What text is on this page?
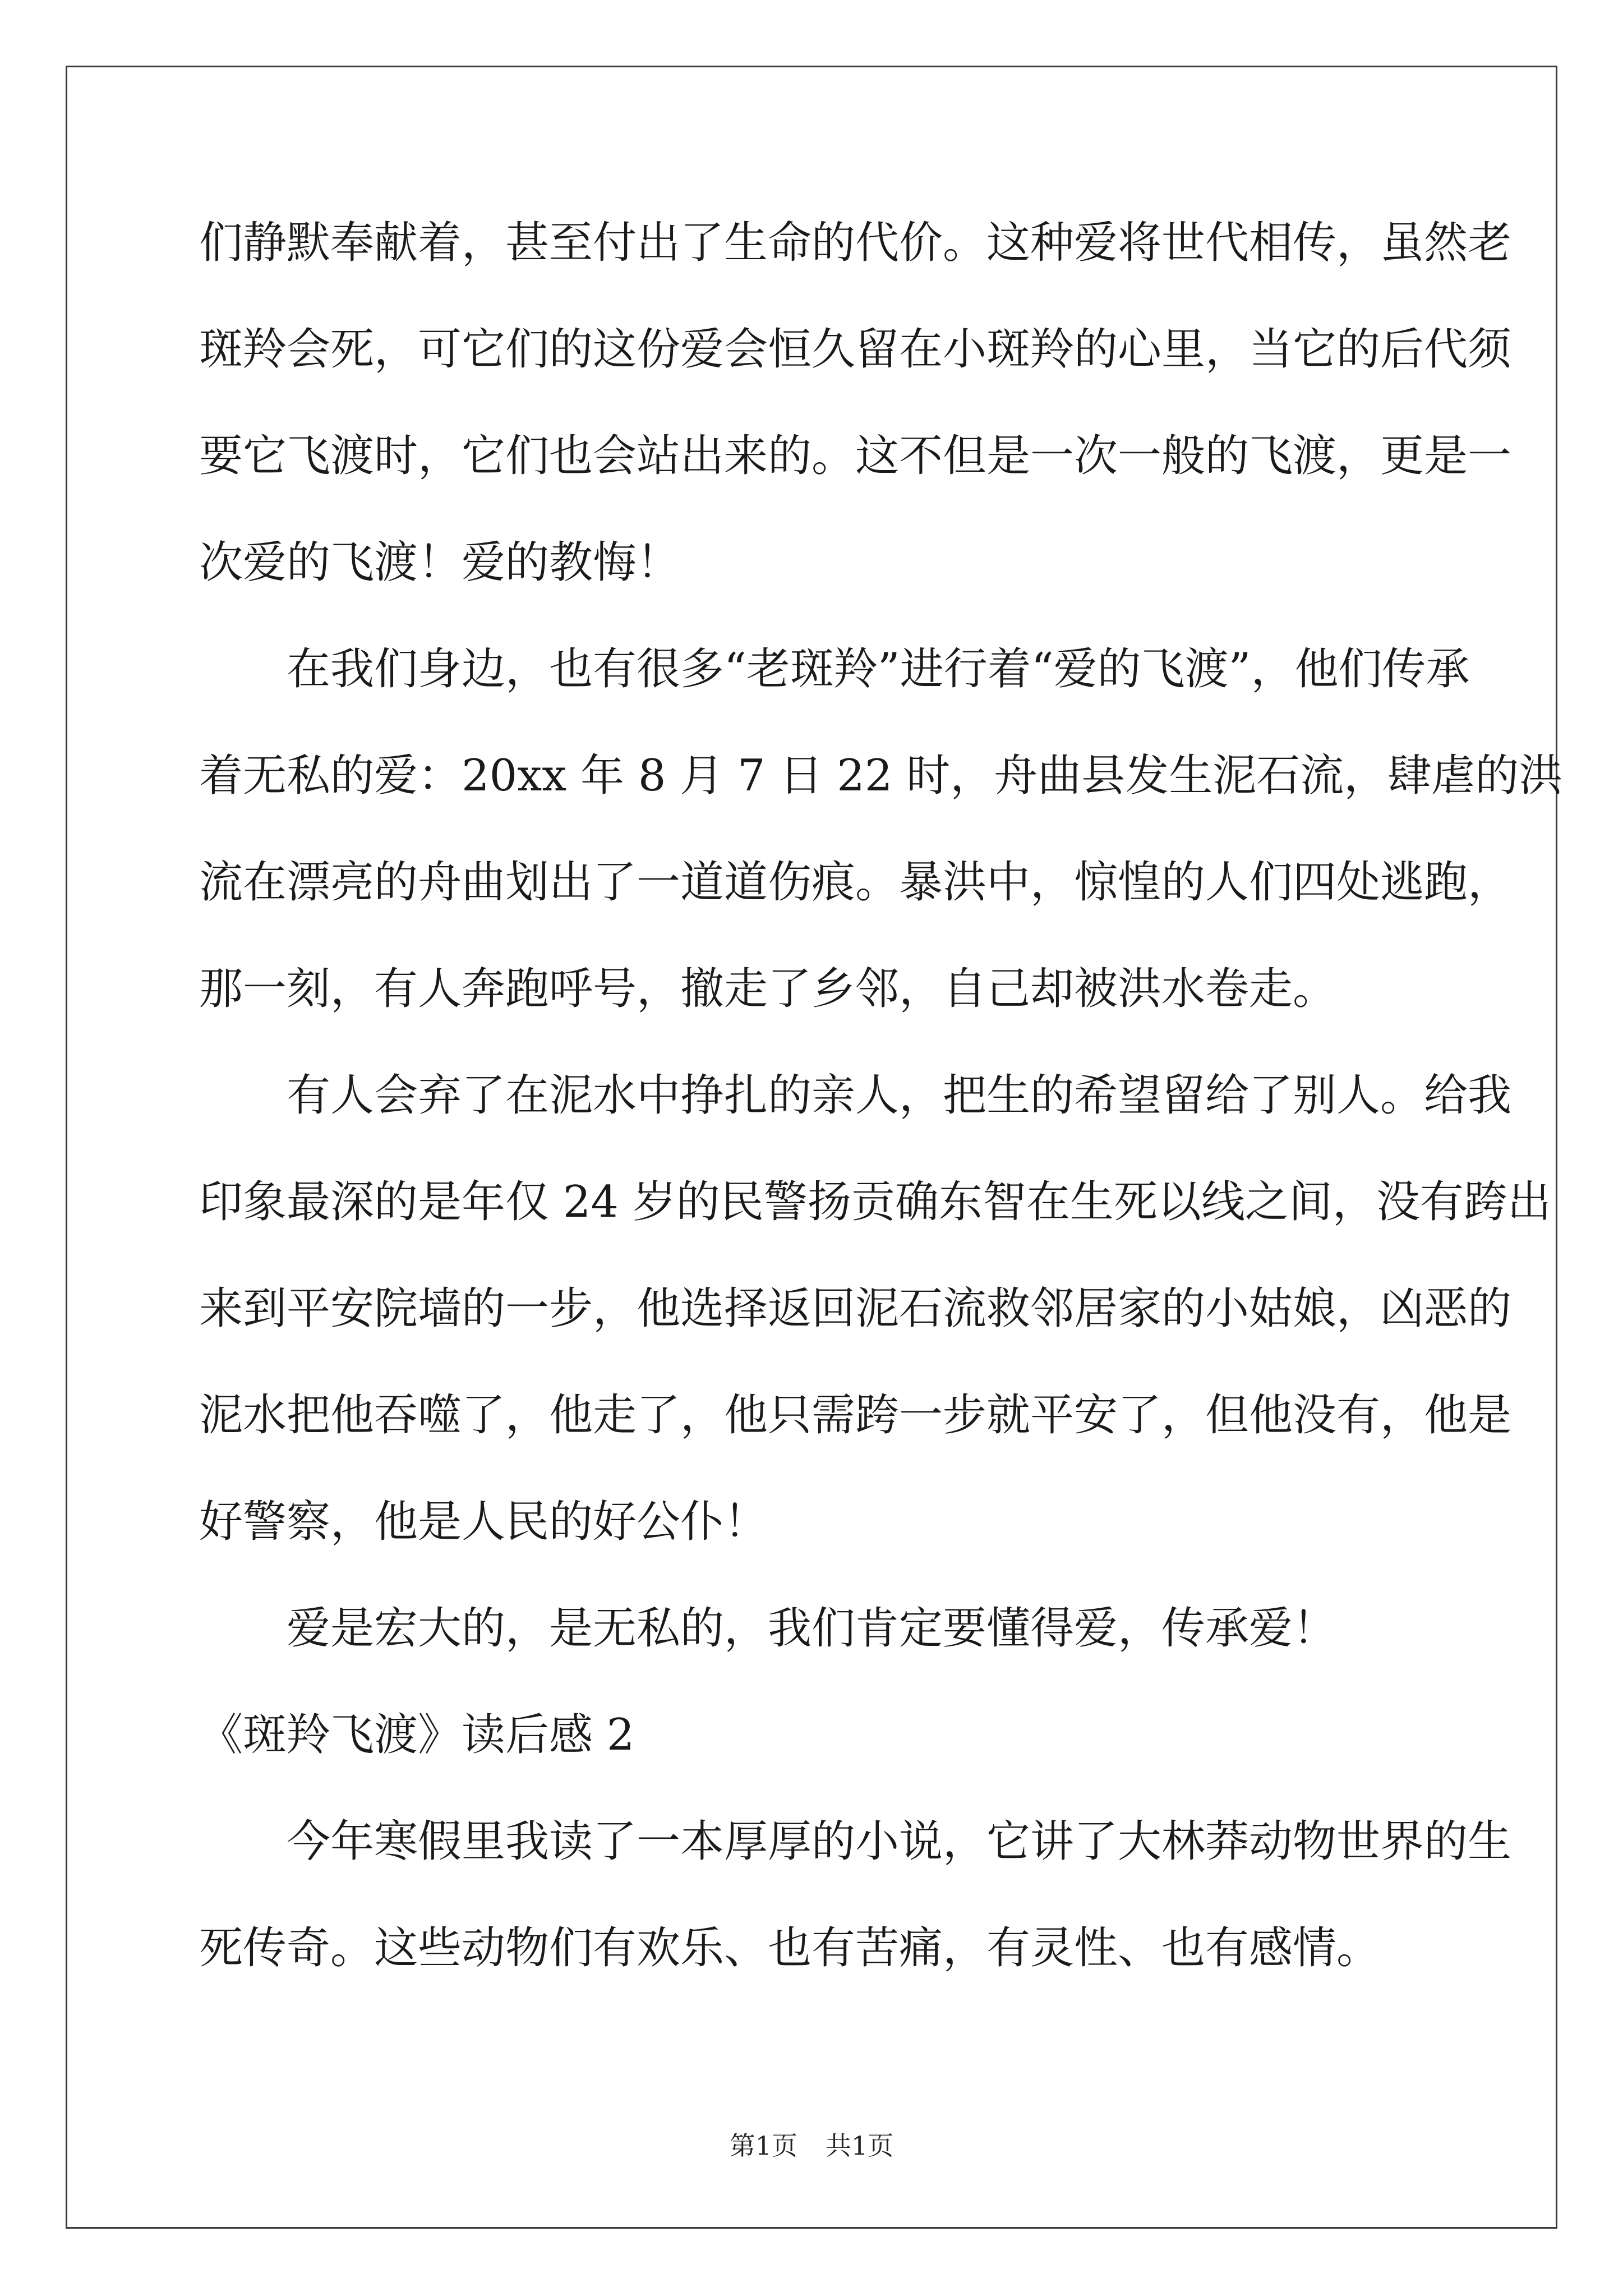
们静默奉献着，甚至付出了生命的代价。这种爱将世代相传，虽然老
斑羚会死，可它们的这份爱会恒久留在小斑羚的心里，当它的后代须
要它飞渡时，它们也会站出来的。这不但是一次一般的飞渡，更是一
次爱的飞渡！爱的教悔！
在我们身边，也有很多“老斑羚”进行着“爱的飞渡”，他们传承
着无私的爱：20xx 年 8 月 7 日 22 时，舟曲县发生泥石流，肆虐的洪
流在漂亮的舟曲划出了一道道伤痕。暴洪中，惊惶的人们四处逃跑，
那一刻，有人奔跑呼号，撤走了乡邻，自己却被洪水卷走。
有人会弃了在泥水中挣扎的亲人，把生的希望留给了别人。给我
印象最深的是年仅 24 岁的民警扬贡确东智在生死以线之间，没有跨出
来到平安院墙的一步，他选择返回泥石流救邻居家的小姑娘，凶恶的
泥水把他吞噬了，他走了，他只需跨一步就平安了，但他没有，他是
好警察，他是人民的好公仆！
爱是宏大的，是无私的，我们肯定要懂得爱，传承爱！
《斑羚飞渡》读后感 2
今年寒假里我读了一本厚厚的小说，它讲了大林莽动物世界的生
死传奇。这些动物们有欢乐、也有苦痛，有灵性、也有感情。
第1页 共1页
